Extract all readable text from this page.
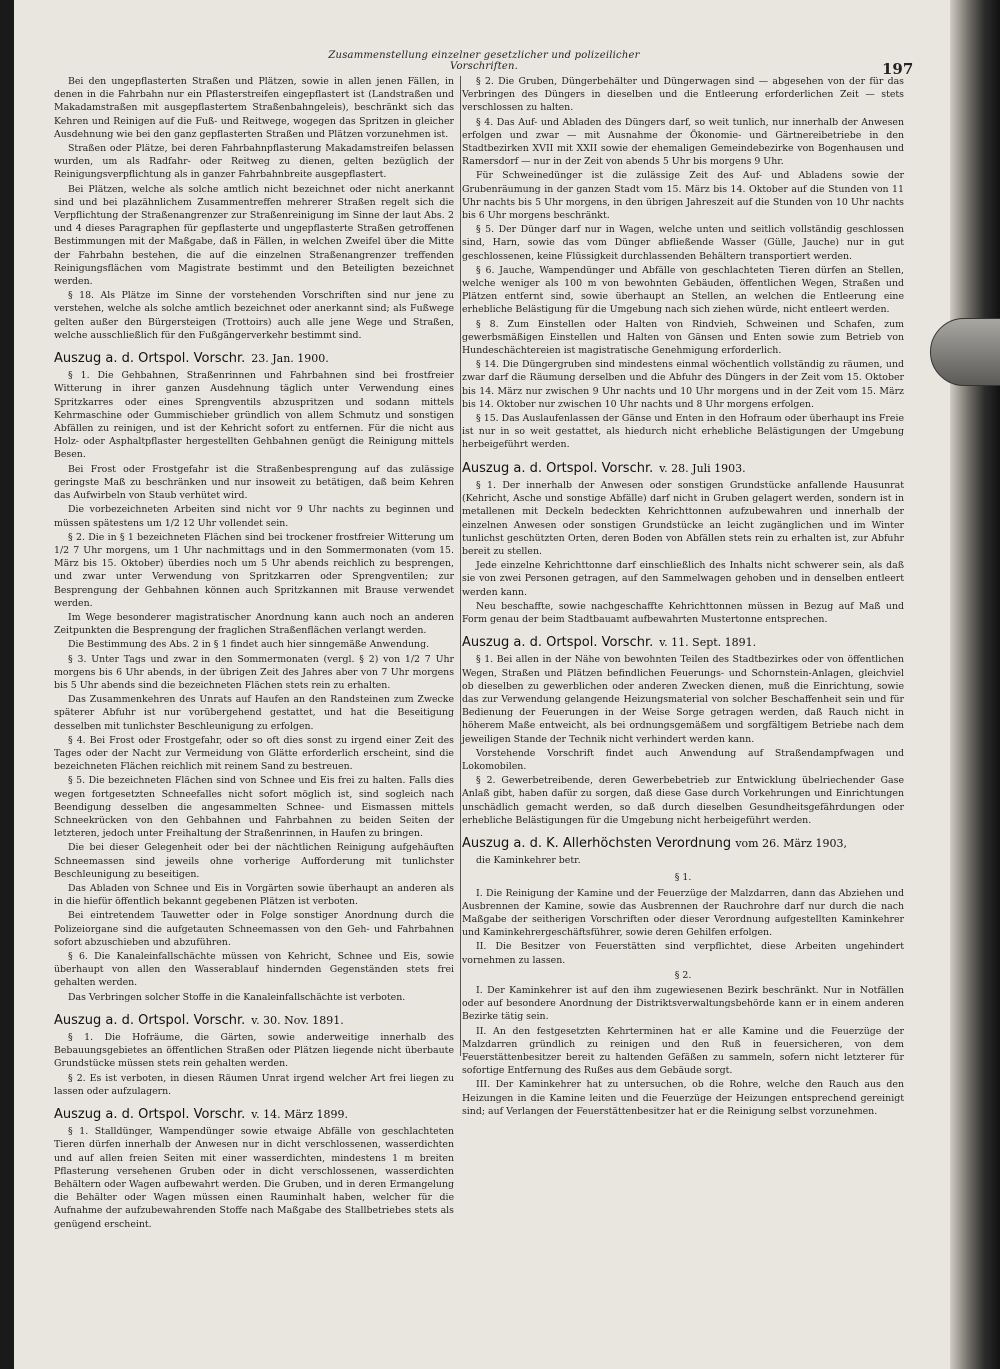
Zusammenstellung einzelner gesetzlicher und polizeilicher Vorschriften.	197

Bei den ungepflasterten Straßen und Plätzen, sowie in allen jenen Fällen, in denen in die Fahrbahn nur ein Pflasterstreifen eingepflastert ist (Landstraßen und Makadamstraßen mit ausgepflastertem Straßenbahngeleis), beschränkt sich das Kehren und Reinigen auf die Fuß- und Reitwege, wogegen das Spritzen in gleicher Ausdehnung wie bei den ganz gepflasterten Straßen und Plätzen vorzunehmen ist.

Straßen oder Plätze, bei deren Fahrbahnpflasterung Makadamstreifen belassen wurden, um als Radfahr- oder Reitweg zu dienen, gelten bezüglich der Reinigungsverpflichtung als in ganzer Fahrbahnbreite ausgepflastert.

Bei Plätzen, welche als solche amtlich nicht bezeichnet oder nicht anerkannt sind und bei plazähnlichem Zusammentreffen mehrerer Straßen regelt sich die Verpflichtung der Straßenangrenzer zur Straßenreinigung im Sinne der laut Abs. 2 und 4 dieses Paragraphen für gepflasterte und ungepflasterte Straßen getroffenen Bestimmungen mit der Maßgabe, daß in Fällen, in welchen Zweifel über die Mitte der Fahrbahn bestehen, die auf die einzelnen Straßenangrenzer treffenden Reinigungsflächen vom Magistrate bestimmt und den Beteiligten bezeichnet werden.

§ 18. Als Plätze im Sinne der vorstehenden Vorschriften sind nur jene zu verstehen, welche als solche amtlich bezeichnet oder anerkannt sind; als Fußwege gelten außer den Bürgersteigen (Trottoirs) auch alle jene Wege und Straßen, welche ausschließlich für den Fußgängerverkehr bestimmt sind.

Auszug a. d. Ortspol. Vorschr. 23. Jan. 1900.

§ 1. Die Gehbahnen, Straßenrinnen und Fahrbahnen sind bei frostfreier Witterung in ihrer ganzen Ausdehnung täglich unter Verwendung eines Spritzkarres oder eines Sprengventils abzuspritzen und sodann mittels Kehrmaschine oder Gummischieber gründlich von allem Schmutz und sonstigen Abfällen zu reinigen, und ist der Kehricht sofort zu entfernen. Für die nicht aus Holz- oder Asphaltpflaster hergestellten Gehbahnen genügt die Reinigung mittels Besen.

Bei Frost oder Frostgefahr ist die Straßenbesprengung auf das zulässige geringste Maß zu beschränken und nur insoweit zu betätigen, daß beim Kehren das Aufwirbeln von Staub verhütet wird.

Die vorbezeichneten Arbeiten sind nicht vor 9 Uhr nachts zu beginnen und müssen spätestens um 1/2 12 Uhr vollendet sein.

§ 2. Die in § 1 bezeichneten Flächen sind bei trockener frostfreier Witterung um 1/2 7 Uhr morgens, um 1 Uhr nachmittags und in den Sommermonaten (vom 15. März bis 15. Oktober) überdies noch um 5 Uhr abends reichlich zu besprengen, und zwar unter Verwendung von Spritzkarren oder Sprengventilen; zur Besprengung der Gehbahnen können auch Spritzkannen mit Brause verwendet werden.

Im Wege besonderer magistratischer Anordnung kann auch noch an anderen Zeitpunkten die Besprengung der fraglichen Straßenflächen verlangt werden.

Die Bestimmung des Abs. 2 in § 1 findet auch hier sinngemäße Anwendung.

§ 3. Unter Tags und zwar in den Sommermonaten (vergl. § 2) von 1/2 7 Uhr morgens bis 6 Uhr abends, in der übrigen Zeit des Jahres aber von 7 Uhr morgens bis 5 Uhr abends sind die bezeichneten Flächen stets rein zu erhalten.

Das Zusammenkehren des Unrats auf Haufen an den Randsteinen zum Zwecke späterer Abfuhr ist nur vorübergehend gestattet, und hat die Beseitigung desselben mit tunlichster Beschleunigung zu erfolgen.

§ 4. Bei Frost oder Frostgefahr, oder so oft dies sonst zu irgend einer Zeit des Tages oder der Nacht zur Vermeidung von Glätte erforderlich erscheint, sind die bezeichneten Flächen reichlich mit reinem Sand zu bestreuen.

§ 5. Die bezeichneten Flächen sind von Schnee und Eis frei zu halten. Falls dies wegen fortgesetzten Schneefalles nicht sofort möglich ist, sind sogleich nach Beendigung desselben die angesammelten Schnee- und Eismassen mittels Schneekrücken von den Gehbahnen und Fahrbahnen zu beiden Seiten der letzteren, jedoch unter Freihaltung der Straßenrinnen, in Haufen zu bringen.

Die bei dieser Gelegenheit oder bei der nächtlichen Reinigung aufgehäuften Schneemassen sind jeweils ohne vorherige Aufforderung mit tunlichster Beschleunigung zu beseitigen.

Das Abladen von Schnee und Eis in Vorgärten sowie überhaupt an anderen als in die hiefür öffentlich bekannt gegebenen Plätzen ist verboten.

Bei eintretendem Tauwetter oder in Folge sonstiger Anordnung durch die Polizeiorgane sind die aufgetauten Schneemassen von den Geh- und Fahrbahnen sofort abzuschieben und abzuführen.

§ 6. Die Kanaleinfallschächte müssen von Kehricht, Schnee und Eis, sowie überhaupt von allen den Wasserablauf hindernden Gegenständen stets frei gehalten werden.

Das Verbringen solcher Stoffe in die Kanaleinfallschächte ist verboten.

Auszug a. d. Ortspol. Vorschr. v. 30. Nov. 1891.

§ 1. Die Hofräume, die Gärten, sowie anderweitige innerhalb des Bebauungsgebietes an öffentlichen Straßen oder Plätzen liegende nicht überbaute Grundstücke müssen stets rein gehalten werden.

§ 2. Es ist verboten, in diesen Räumen Unrat irgend welcher Art frei liegen zu lassen oder aufzulagern.

Auszug a. d. Ortspol. Vorschr. v. 14. März 1899.

§ 1. Stalldünger, Wampendünger sowie etwaige Abfälle von geschlachteten Tieren dürfen innerhalb der Anwesen nur in dicht verschlossenen, wasserdichten und auf allen freien Seiten mit einer wasserdichten, mindestens 1 m breiten Pflasterung versehenen Gruben oder in dicht verschlossenen, wasserdichten Behältern oder Wagen aufbewahrt werden. Die Gruben, und in deren Ermangelung die Behälter oder Wagen müssen einen Rauminhalt haben, welcher für die Aufnahme der aufzubewahrenden Stoffe nach Maßgabe des Stallbetriebes stets als genügend erscheint.

§ 2. Die Gruben, Düngerbehälter und Düngerwagen sind — abgesehen von der für das Verbringen des Düngers in dieselben und die Entleerung erforderlichen Zeit — stets verschlossen zu halten.

§ 4. Das Auf- und Abladen des Düngers darf, so weit tunlich, nur innerhalb der Anwesen erfolgen und zwar — mit Ausnahme der Ökonomie- und Gärtnereibetriebe in den Stadtbezirken XVII mit XXII sowie der ehemaligen Gemeindebezirke von Bogenhausen und Ramersdorf — nur in der Zeit von abends 5 Uhr bis morgens 9 Uhr.

Für Schweinedünger ist die zulässige Zeit des Auf- und Abladens sowie der Grubenräumung in der ganzen Stadt vom 15. März bis 14. Oktober auf die Stunden von 11 Uhr nachts bis 5 Uhr morgens, in den übrigen Jahreszeit auf die Stunden von 10 Uhr nachts bis 6 Uhr morgens beschränkt.

§ 5. Der Dünger darf nur in Wagen, welche unten und seitlich vollständig geschlossen sind, Harn, sowie das vom Dünger abfließende Wasser (Gülle, Jauche) nur in gut geschlossenen, keine Flüssigkeit durchlassenden Behältern transportiert werden.

§ 6. Jauche, Wampendünger und Abfälle von geschlachteten Tieren dürfen an Stellen, welche weniger als 100 m von bewohnten Gebäuden, öffentlichen Wegen, Straßen und Plätzen entfernt sind, sowie überhaupt an Stellen, an welchen die Entleerung eine erhebliche Belästigung für die Umgebung nach sich ziehen würde, nicht entleert werden.

§ 8. Zum Einstellen oder Halten von Rindvieh, Schweinen und Schafen, zum gewerbsmäßigen Einstellen und Halten von Gänsen und Enten sowie zum Betrieb von Hundeschächtereien ist magistratische Genehmigung erforderlich.

§ 14. Die Düngergruben sind mindestens einmal wöchentlich vollständig zu räumen, und zwar darf die Räumung derselben und die Abfuhr des Düngers in der Zeit vom 15. Oktober bis 14. März nur zwischen 9 Uhr nachts und 10 Uhr morgens und in der Zeit vom 15. März bis 14. Oktober nur zwischen 10 Uhr nachts und 8 Uhr morgens erfolgen.

§ 15. Das Auslaufenlassen der Gänse und Enten in den Hofraum oder überhaupt ins Freie ist nur in so weit gestattet, als hiedurch nicht erhebliche Belästigungen der Umgebung herbeigeführt werden.

Auszug a. d. Ortspol. Vorschr. v. 28. Juli 1903.

§ 1. Der innerhalb der Anwesen oder sonstigen Grundstücke anfallende Hausunrat (Kehricht, Asche und sonstige Abfälle) darf nicht in Gruben gelagert werden, sondern ist in metallenen mit Deckeln bedeckten Kehrichttonnen aufzubewahren und innerhalb der einzelnen Anwesen oder sonstigen Grundstücke an leicht zugänglichen und im Winter tunlichst geschützten Orten, deren Boden von Abfällen stets rein zu erhalten ist, zur Abfuhr bereit zu stellen.

Jede einzelne Kehrichttonne darf einschließlich des Inhalts nicht schwerer sein, als daß sie von zwei Personen getragen, auf den Sammelwagen gehoben und in denselben entleert werden kann.

Neu beschaffte, sowie nachgeschaffte Kehrichttonnen müssen in Bezug auf Maß und Form genau der beim Stadtbauamt aufbewahrten Mustertonne entsprechen.

Auszug a. d. Ortspol. Vorschr. v. 11. Sept. 1891.

§ 1. Bei allen in der Nähe von bewohnten Teilen des Stadtbezirkes oder von öffentlichen Wegen, Straßen und Plätzen befindlichen Feuerungs- und Schornstein-Anlagen, gleichviel ob dieselben zu gewerblichen oder anderen Zwecken dienen, muß die Einrichtung, sowie das zur Verwendung gelangende Heizungsmaterial von solcher Beschaffenheit sein und für Bedienung der Feuerungen in der Weise Sorge getragen werden, daß Rauch nicht in höherem Maße entweicht, als bei ordnungsgemäßem und sorgfältigem Betriebe nach dem jeweiligen Stande der Technik nicht verhindert werden kann.

Vorstehende Vorschrift findet auch Anwendung auf Straßendampfwagen und Lokomobilen.

§ 2. Gewerbetreibende, deren Gewerbebetrieb zur Entwicklung übelriechender Gase Anlaß gibt, haben dafür zu sorgen, daß diese Gase durch Vorkehrungen und Einrichtungen unschädlich gemacht werden, so daß durch dieselben Gesundheitsgefährdungen oder erhebliche Belästigungen für die Umgebung nicht herbeigeführt werden.

Auszug a. d. K. Allerhöchsten Verordnung vom 26. März 1903,

die Kaminkehrer betr.

§ 1.

I. Die Reinigung der Kamine und der Feuerzüge der Malzdarren, dann das Abziehen und Ausbrennen der Kamine, sowie das Ausbrennen der Rauchrohre darf nur durch die nach Maßgabe der seitherigen Vorschriften oder dieser Verordnung aufgestellten Kaminkehrer und Kaminkehrergeschäftsführer, sowie deren Gehilfen erfolgen.

II. Die Besitzer von Feuerstätten sind verpflichtet, diese Arbeiten ungehindert vornehmen zu lassen.

§ 2.

I. Der Kaminkehrer ist auf den ihm zugewiesenen Bezirk beschränkt. Nur in Notfällen oder auf besondere Anordnung der Distriktsverwaltungsbehörde kann er in einem anderen Bezirke tätig sein.

II. An den festgesetzten Kehrterminen hat er alle Kamine und die Feuerzüge der Malzdarren gründlich zu reinigen und den Ruß in feuersicheren, von dem Feuerstättenbesitzer bereit zu haltenden Gefäßen zu sammeln, sofern nicht letzterer für sofortige Entfernung des Rußes aus dem Gebäude sorgt.

III. Der Kaminkehrer hat zu untersuchen, ob die Rohre, welche den Rauch aus den Heizungen in die Kamine leiten und die Feuerzüge der Heizungen entsprechend gereinigt sind; auf Verlangen der Feuerstättenbesitzer hat er die Reinigung selbst vorzunehmen.
